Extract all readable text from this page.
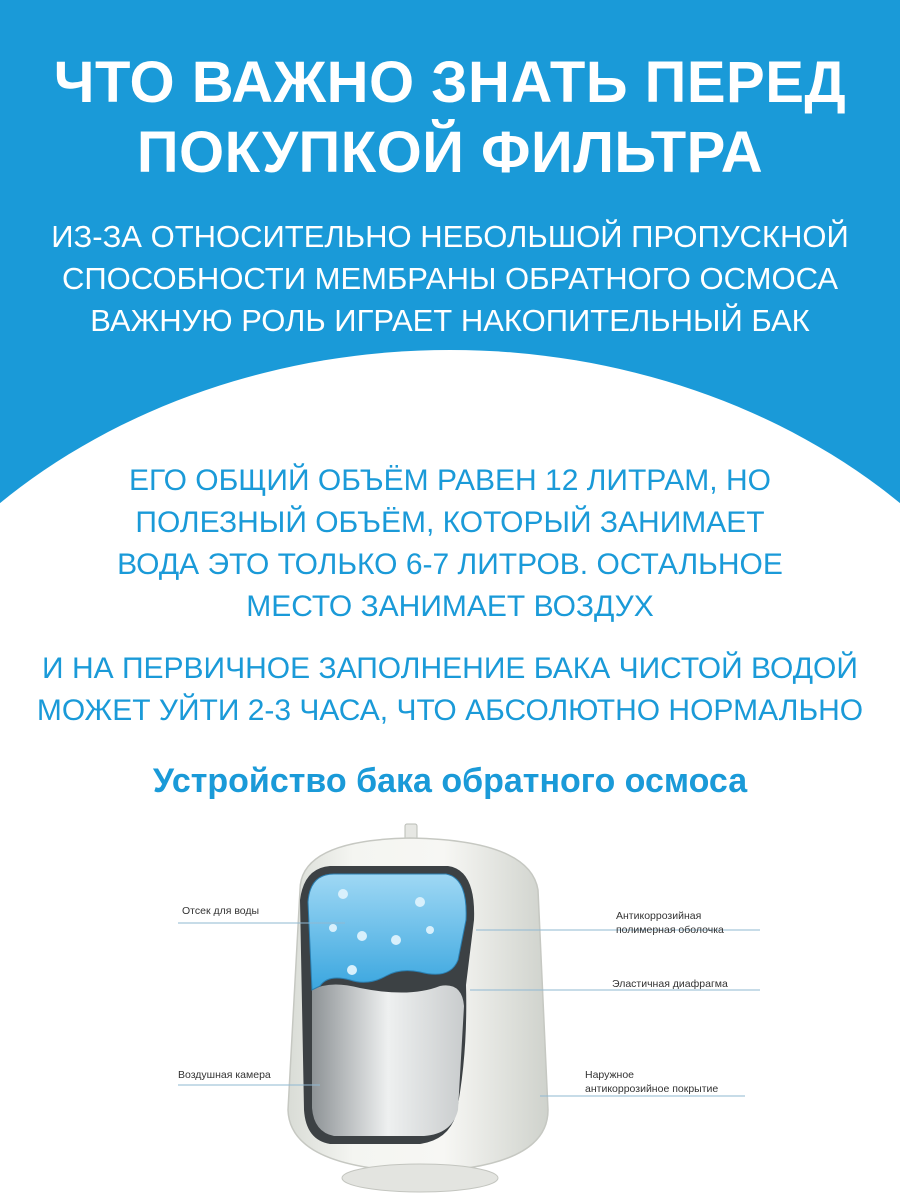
ЧТО ВАЖНО ЗНАТЬ ПЕРЕД
ПОКУПКОЙ ФИЛЬТРА
ИЗ-ЗА ОТНОСИТЕЛЬНО НЕБОЛЬШОЙ ПРОПУСКНОЙ
СПОСОБНОСТИ МЕМБРАНЫ ОБРАТНОГО ОСМОСА
ВАЖНУЮ РОЛЬ ИГРАЕТ НАКОПИТЕЛЬНЫЙ БАК
ЕГО ОБЩИЙ ОБЪЁМ РАВЕН 12 ЛИТРАМ, НО
ПОЛЕЗНЫЙ ОБЪЁМ, КОТОРЫЙ ЗАНИМАЕТ
ВОДА ЭТО ТОЛЬКО 6-7 ЛИТРОВ. ОСТАЛЬНОЕ
МЕСТО ЗАНИМАЕТ ВОЗДУХ
И НА ПЕРВИЧНОЕ ЗАПОЛНЕНИЕ БАКА ЧИСТОЙ ВОДОЙ
МОЖЕТ УЙТИ 2-3 ЧАСА, ЧТО АБСОЛЮТНО НОРМАЛЬНО
Устройство бака обратного осмоса
Отсек для воды
Воздушная камера
Антикоррозийная
полимерная оболочка
Эластичная диафрагма
Наружное
антикоррозийное покрытие
